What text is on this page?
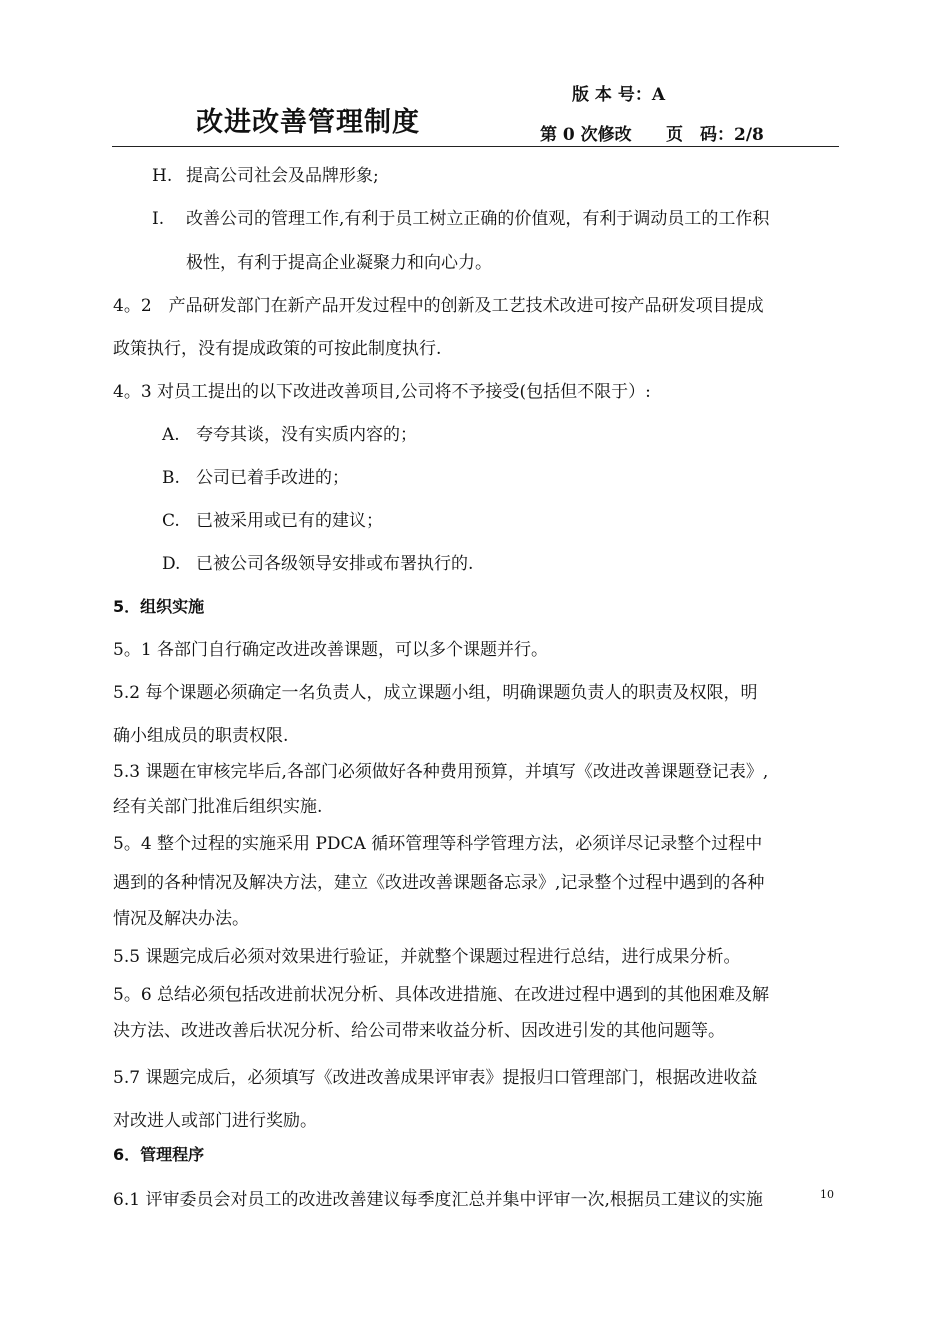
改进改善管理制度
版 本 号：A
第 0 次修改 页　码：2/8
H. 提高公司社会及品牌形象;
I. 改善公司的管理工作,有利于员工树立正确的价值观，有利于调动员工的工作积
极性，有利于提高企业凝聚力和向心力。
4。2　产品研发部门在新产品开发过程中的创新及工艺技术改进可按产品研发项目提成
政策执行，没有提成政策的可按此制度执行.
4。3 对员工提出的以下改进改善项目,公司将不予接受(包括但不限于）:
A. 夸夸其谈，没有实质内容的；
B. 公司已着手改进的；
C. 已被采用或已有的建议；
D. 已被公司各级领导安排或布署执行的.
5．组织实施
5。1 各部门自行确定改进改善课题，可以多个课题并行。
5.2 每个课题必须确定一名负责人，成立课题小组，明确课题负责人的职责及权限，明
确小组成员的职责权限.
5.3 课题在审核完毕后,各部门必须做好各种费用预算，并填写《改进改善课题登记表》,
经有关部门批准后组织实施.
5。4 整个过程的实施采用 PDCA 循环管理等科学管理方法，必须详尽记录整个过程中
遇到的各种情况及解决方法，建立《改进改善课题备忘录》,记录整个过程中遇到的各种
情况及解决办法。
5.5 课题完成后必须对效果进行验证，并就整个课题过程进行总结，进行成果分析。
5。6 总结必须包括改进前状况分析、具体改进措施、在改进过程中遇到的其他困难及解
决方法、改进改善后状况分析、给公司带来收益分析、因改进引发的其他问题等。
5.7 课题完成后，必须填写《改进改善成果评审表》提报归口管理部门，根据改进收益
对改进人或部门进行奖励。
6．管理程序
6.1 评审委员会对员工的改进改善建议每季度汇总并集中评审一次,根据员工建议的实施	10
